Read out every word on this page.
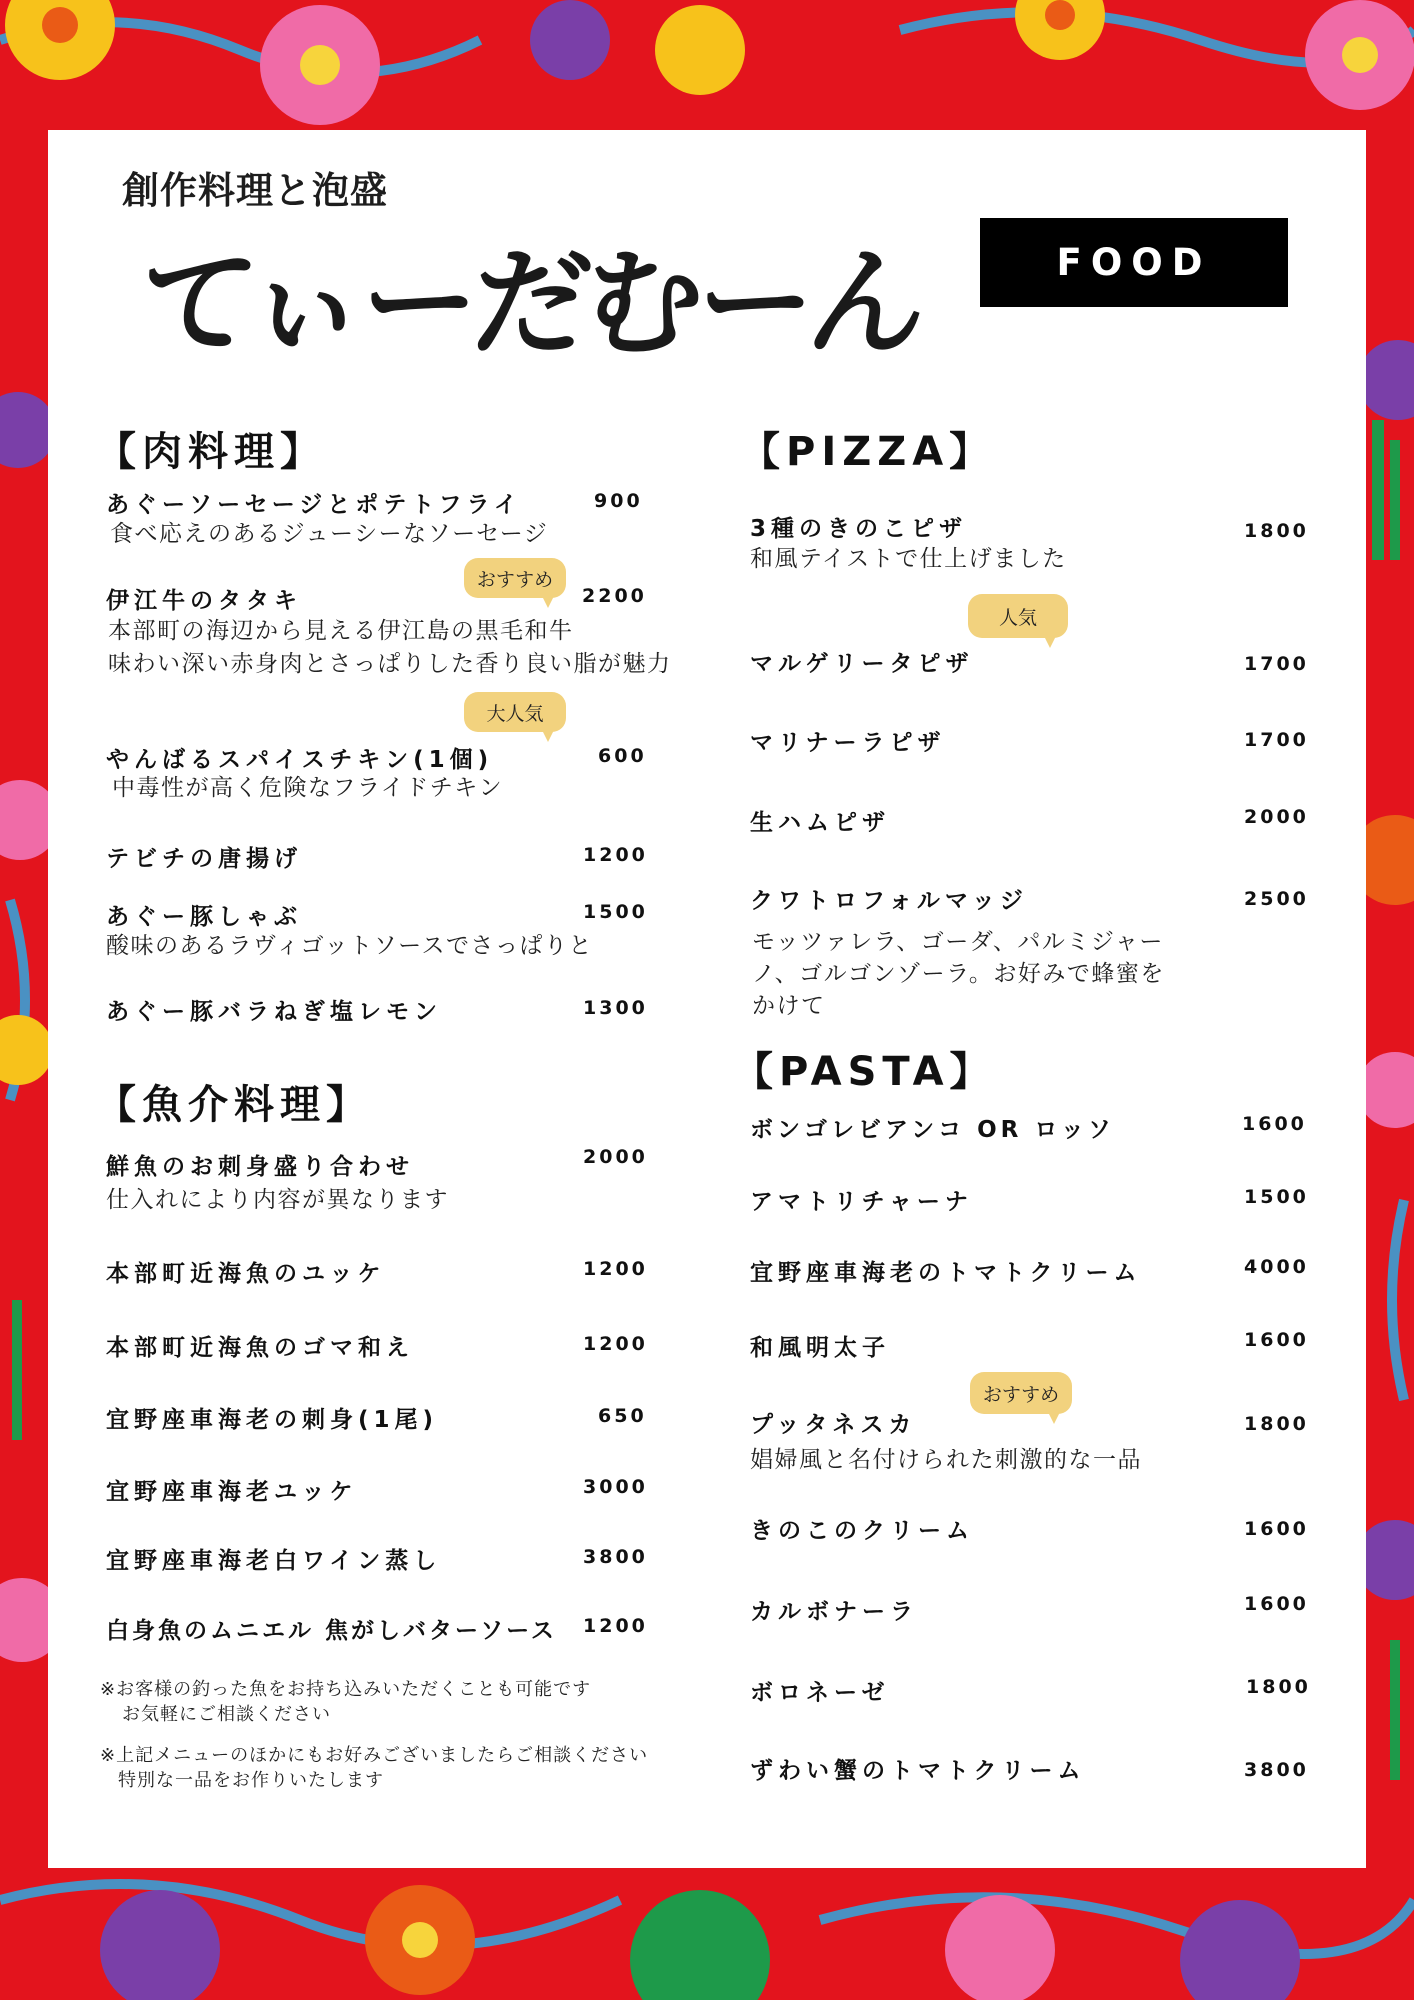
創作料理と泡盛
てぃーだむーん	FOOD
【肉料理】
あぐーソーセージとポテトフライ	900
食べ応えのあるジューシーなソーセージ
おすすめ
伊江牛のタタキ	2200
本部町の海辺から見える伊江島の黒毛和牛
味わい深い赤身肉とさっぱりした香り良い脂が魅力
大人気
やんばるスパイスチキン(1個)	600
中毒性が高く危険なフライドチキン
テビチの唐揚げ	1200
あぐー豚しゃぶ	1500
酸味のあるラヴィゴットソースでさっぱりと
あぐー豚バラねぎ塩レモン	1300
【魚介料理】
鮮魚のお刺身盛り合わせ	2000
仕入れにより内容が異なります
本部町近海魚のユッケ	1200
本部町近海魚のゴマ和え	1200
宜野座車海老の刺身(1尾)	650
宜野座車海老ユッケ	3000
宜野座車海老白ワイン蒸し	3800
白身魚のムニエル 焦がしバターソース 1200
※お客様の釣った魚をお持ち込みいただくことも可能です
お気軽にご相談ください
※上記メニューのほかにもお好みございましたらご相談ください
特別な一品をお作りいたします
【PIZZA】
3種のきのこピザ	1800
和風テイストで仕上げました
人気
マルゲリータピザ	1700
マリナーラピザ	1700
生ハムピザ	2000
クワトロフォルマッジ	2500
モッツァレラ、ゴーダ、パルミジャーノ、ゴルゴンゾーラ。お好みで蜂蜜をかけて
【PASTA】
ボンゴレビアンコ OR ロッソ	1600
アマトリチャーナ	1500
宜野座車海老のトマトクリーム	4000
和風明太子	1600
おすすめ
プッタネスカ	1800
娼婦風と名付けられた刺激的な一品
きのこのクリーム	1600
カルボナーラ	1600
ボロネーゼ	1800
ずわい蟹のトマトクリーム	3800
